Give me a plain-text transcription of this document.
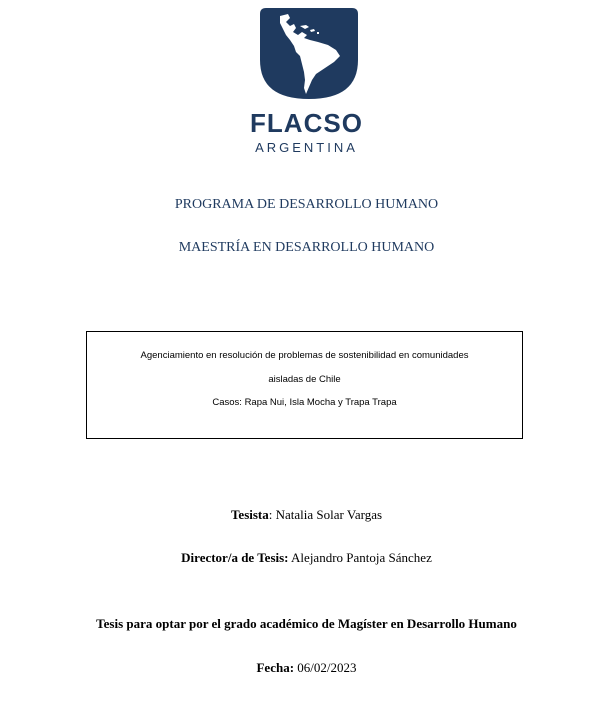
FLACSO
ARGENTINA
PROGRAMA DE DESARROLLO HUMANO
MAESTRÍA EN DESARROLLO HUMANO
Agenciamiento en resolución de problemas de sostenibilidad en comunidades
aisladas de Chile
Casos: Rapa Nui, Isla Mocha y Trapa Trapa
Tesista: Natalia Solar Vargas
Director/a de Tesis: Alejandro Pantoja Sánchez
Tesis para optar por el grado académico de Magíster en Desarrollo Humano
Fecha: 06/02/2023
